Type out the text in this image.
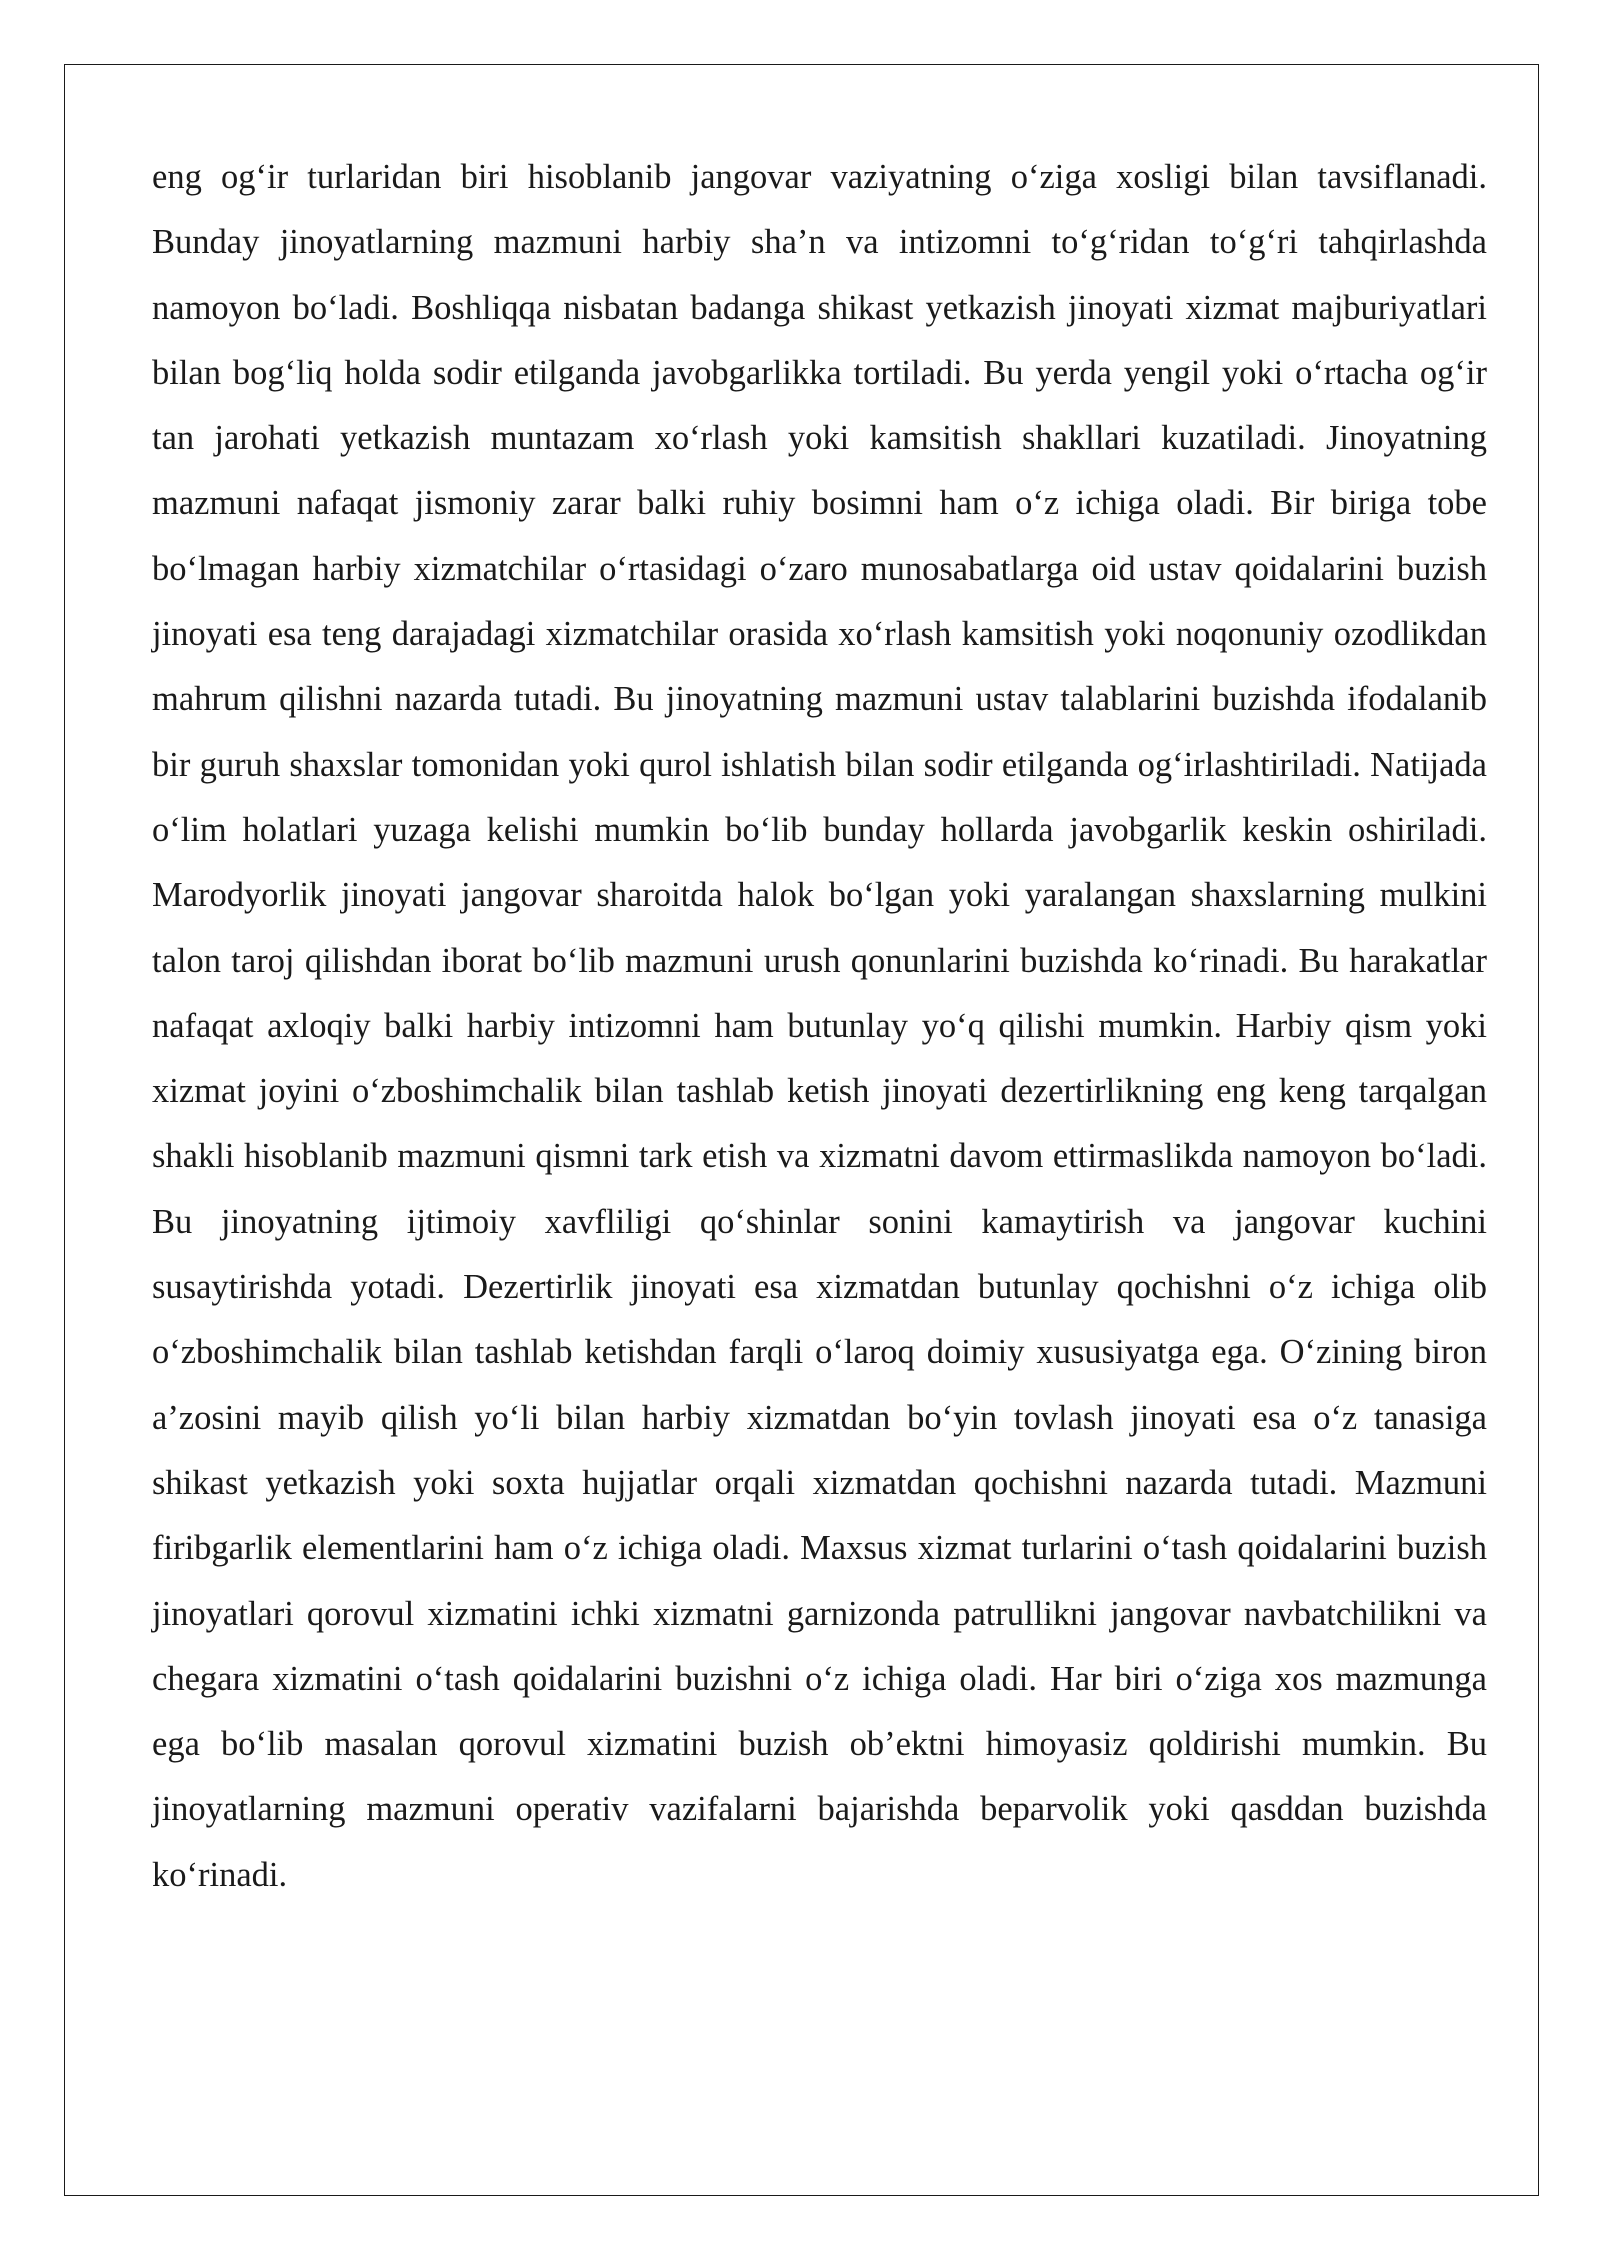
eng og‘ir turlaridan biri hisoblanib jangovar vaziyatning o‘ziga xosligi bilan tavsiflanadi. Bunday jinoyatlarning mazmuni harbiy sha’n va intizomni to‘g‘ridan to‘g‘ri tahqirlashda namoyon bo‘ladi. Boshliqqa nisbatan badanga shikast yetkazish jinoyati xizmat majburiyatlari bilan bog‘liq holda sodir etilganda javobgarlikka tortiladi. Bu yerda yengil yoki o‘rtacha og‘ir tan jarohati yetkazish muntazam xo‘rlash yoki kamsitish shakllari kuzatiladi. Jinoyatning mazmuni nafaqat jismoniy zarar balki ruhiy bosimni ham o‘z ichiga oladi. Bir biriga tobe bo‘lmagan harbiy xizmatchilar o‘rtasidagi o‘zaro munosabatlarga oid ustav qoidalarini buzish jinoyati esa teng darajadagi xizmatchilar orasida xo‘rlash kamsitish yoki noqonuniy ozodlikdan mahrum qilishni nazarda tutadi. Bu jinoyatning mazmuni ustav talablarini buzishda ifodalanib bir guruh shaxslar tomonidan yoki qurol ishlatish bilan sodir etilganda og‘irlashtiriladi. Natijada o‘lim holatlari yuzaga kelishi mumkin bo‘lib bunday hollarda javobgarlik keskin oshiriladi. Marodyorlik jinoyati jangovar sharoitda halok bo‘lgan yoki yaralangan shaxslarning mulkini talon taroj qilishdan iborat bo‘lib mazmuni urush qonunlarini buzishda ko‘rinadi. Bu harakatlar nafaqat axloqiy balki harbiy intizomni ham butunlay yo‘q qilishi mumkin. Harbiy qism yoki xizmat joyini o‘zboshimchalik bilan tashlab ketish jinoyati dezertirlikning eng keng tarqalgan shakli hisoblanib mazmuni qismni tark etish va xizmatni davom ettirmaslikda namoyon bo‘ladi. Bu jinoyatning ijtimoiy xavfliligi qo‘shinlar sonini kamaytirish va jangovar kuchini susaytirishda yotadi. Dezertirlik jinoyati esa xizmatdan butunlay qochishni o‘z ichiga olib o‘zboshimchalik bilan tashlab ketishdan farqli o‘laroq doimiy xususiyatga ega. O‘zining biron a’zosini mayib qilish yo‘li bilan harbiy xizmatdan bo‘yin tovlash jinoyati esa o‘z tanasiga shikast yetkazish yoki soxta hujjatlar orqali xizmatdan qochishni nazarda tutadi. Mazmuni firibgarlik elementlarini ham o‘z ichiga oladi. Maxsus xizmat turlarini o‘tash qoidalarini buzish jinoyatlari qorovul xizmatini ichki xizmatni garnizonda patrullikni jangovar navbatchilikni va chegara xizmatini o‘tash qoidalarini buzishni o‘z ichiga oladi. Har biri o‘ziga xos mazmunga ega bo‘lib masalan qorovul xizmatini buzish ob’ektni himoyasiz qoldirishi mumkin. Bu jinoyatlarning mazmuni operativ vazifalarni bajarishda beparvolik yoki qasddan buzishda ko‘rinadi.
